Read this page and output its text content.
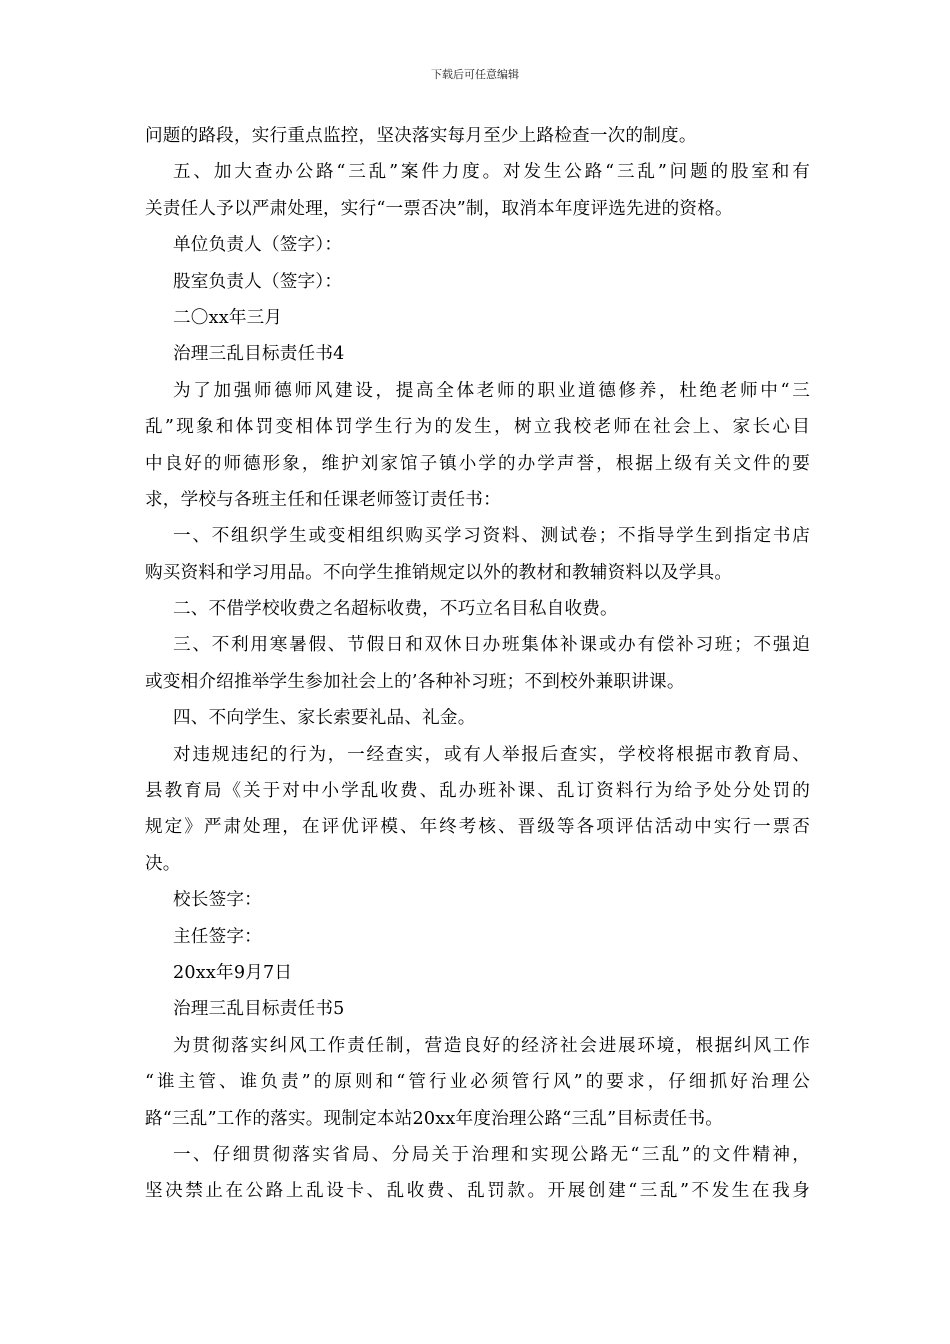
下载后可任意编辑
问题的路段，实行重点监控，坚决落实每月至少上路检查一次的制度。
五、加大查办公路“三乱”案件力度。对发生公路“三乱”问题的股室和有
关责任人予以严肃处理，实行“一票否决”制，取消本年度评选先进的资格。
单位负责人（签字）：
股室负责人（签字）：
二〇xx年三月
治理三乱目标责任书4
为了加强师德师风建设，提高全体老师的职业道德修养，杜绝老师中“三
乱”现象和体罚变相体罚学生行为的发生，树立我校老师在社会上、家长心目
中良好的师德形象，维护刘家馆子镇小学的办学声誉，根据上级有关文件的要
求，学校与各班主任和任课老师签订责任书：
一、不组织学生或变相组织购买学习资料、测试卷；不指导学生到指定书店
购买资料和学习用品。不向学生推销规定以外的教材和教辅资料以及学具。
二、不借学校收费之名超标收费，不巧立名目私自收费。
三、不利用寒暑假、节假日和双休日办班集体补课或办有偿补习班；不强迫
或变相介绍推举学生参加社会上的’各种补习班；不到校外兼职讲课。
四、不向学生、家长索要礼品、礼金。
对违规违纪的行为，一经查实，或有人举报后查实，学校将根据市教育局、
县教育局《关于对中小学乱收费、乱办班补课、乱订资料行为给予处分处罚的
规定》严肃处理，在评优评模、年终考核、晋级等各项评估活动中实行一票否
决。
校长签字：
主任签字：
20xx年9月7日
治理三乱目标责任书5
为贯彻落实纠风工作责任制，营造良好的经济社会进展环境，根据纠风工作
“谁主管、谁负责”的原则和“管行业必须管行风”的要求，仔细抓好治理公
路“三乱”工作的落实。现制定本站20xx年度治理公路“三乱”目标责任书。
一、仔细贯彻落实省局、分局关于治理和实现公路无“三乱”的文件精神，
坚决禁止在公路上乱设卡、乱收费、乱罚款。开展创建“三乱”不发生在我身
